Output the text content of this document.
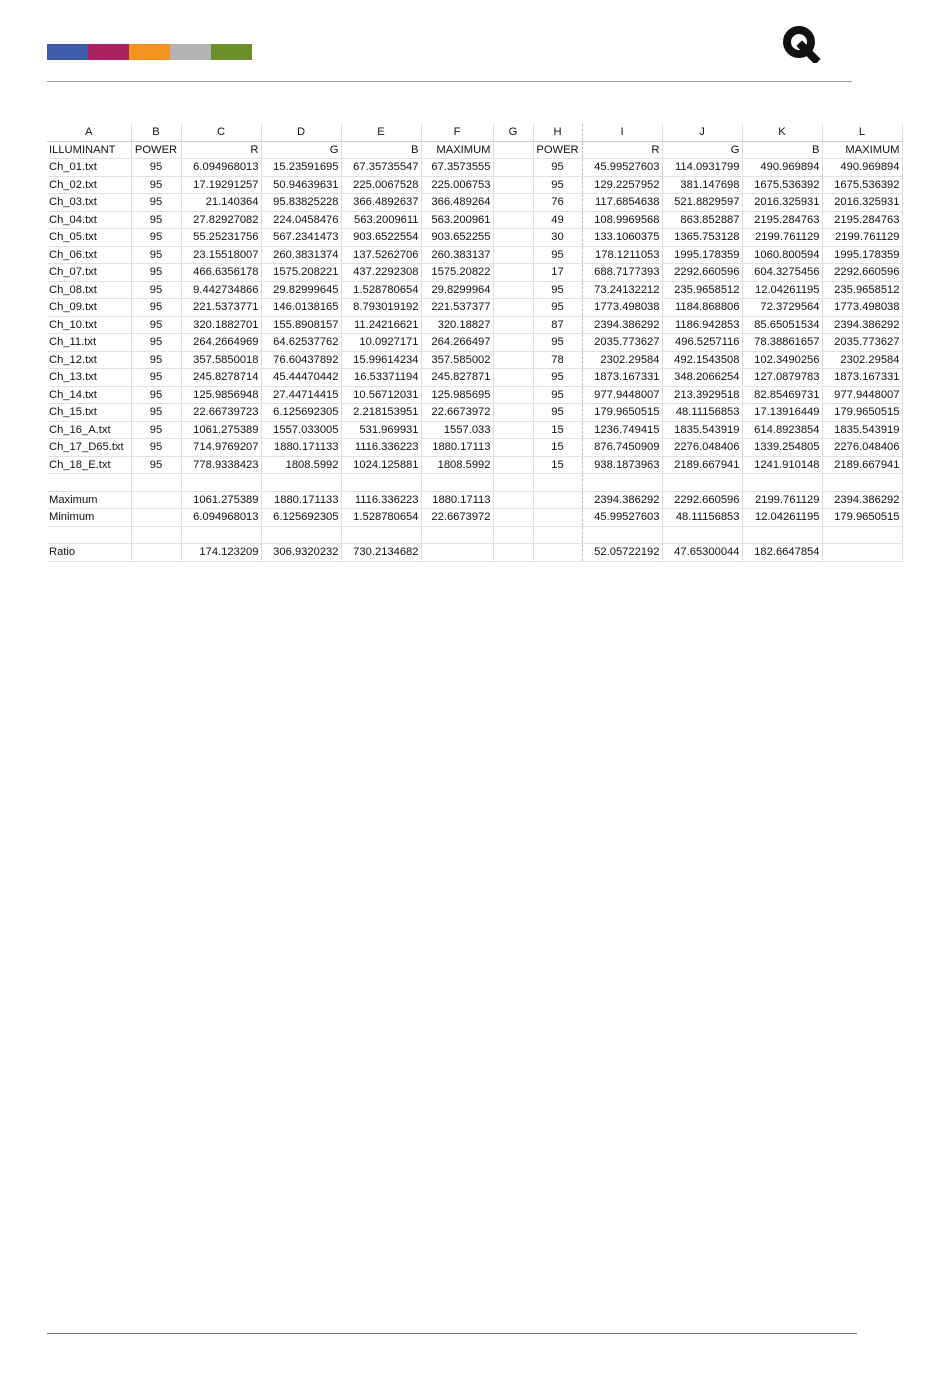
A	B	C	D	E	F	G	H	I	J	K	L
ILLUMINANT	POWER	R	G	B	MAXIMUM		POWER	R	G	B	MAXIMUM
Ch_01.txt	95	6.094968013	15.23591695	67.35735547	67.3573555		95	45.99527603	114.0931799	490.969894	490.969894
Ch_02.txt	95	17.19291257	50.94639631	225.0067528	225.006753		95	129.2257952	381.147698	1675.536392	1675.536392
Ch_03.txt	95	21.140364	95.83825228	366.4892637	366.489264		76	117.6854638	521.8829597	2016.325931	2016.325931
Ch_04.txt	95	27.82927082	224.0458476	563.2009611	563.200961		49	108.9969568	863.852887	2195.284763	2195.284763
Ch_05.txt	95	55.25231756	567.2341473	903.6522554	903.652255		30	133.1060375	1365.753128	2199.761129	2199.761129
Ch_06.txt	95	23.15518007	260.3831374	137.5262706	260.383137		95	178.1211053	1995.178359	1060.800594	1995.178359
Ch_07.txt	95	466.6356178	1575.208221	437.2292308	1575.20822		17	688.7177393	2292.660596	604.3275456	2292.660596
Ch_08.txt	95	9.442734866	29.82999645	1.528780654	29.8299964		95	73.24132212	235.9658512	12.04261195	235.9658512
Ch_09.txt	95	221.5373771	146.0138165	8.793019192	221.537377		95	1773.498038	1184.868806	72.3729564	1773.498038
Ch_10.txt	95	320.1882701	155.8908157	11.24216621	320.18827		87	2394.386292	1186.942853	85.65051534	2394.386292
Ch_11.txt	95	264.2664969	64.62537762	10.0927171	264.266497		95	2035.773627	496.5257116	78.38861657	2035.773627
Ch_12.txt	95	357.5850018	76.60437892	15.99614234	357.585002		78	2302.29584	492.1543508	102.3490256	2302.29584
Ch_13.txt	95	245.8278714	45.44470442	16.53371194	245.827871		95	1873.167331	348.2066254	127.0879783	1873.167331
Ch_14.txt	95	125.9856948	27.44714415	10.56712031	125.985695		95	977.9448007	213.3929518	82.85469731	977.9448007
Ch_15.txt	95	22.66739723	6.125692305	2.218153951	22.6673972		95	179.9650515	48.11156853	17.13916449	179.9650515
Ch_16_A.txt	95	1061.275389	1557.033005	531.969931	1557.033		15	1236.749415	1835.543919	614.8923854	1835.543919
Ch_17_D65.txt	95	714.9769207	1880.171133	1116.336223	1880.17113		15	876.7450909	2276.048406	1339.254805	2276.048406
Ch_18_E.txt	95	778.9338423	1808.5992	1024.125881	1808.5992		15	938.1873963	2189.667941	1241.910148	2189.667941

Maximum		1061.275389	1880.171133	1116.336223	1880.17113			2394.386292	2292.660596	2199.761129	2394.386292
Minimum		6.094968013	6.125692305	1.528780654	22.6673972			45.99527603	48.11156853	12.04261195	179.9650515

Ratio		174.123209	306.9320232	730.2134682				52.05722192	47.65300044	182.6647854	
